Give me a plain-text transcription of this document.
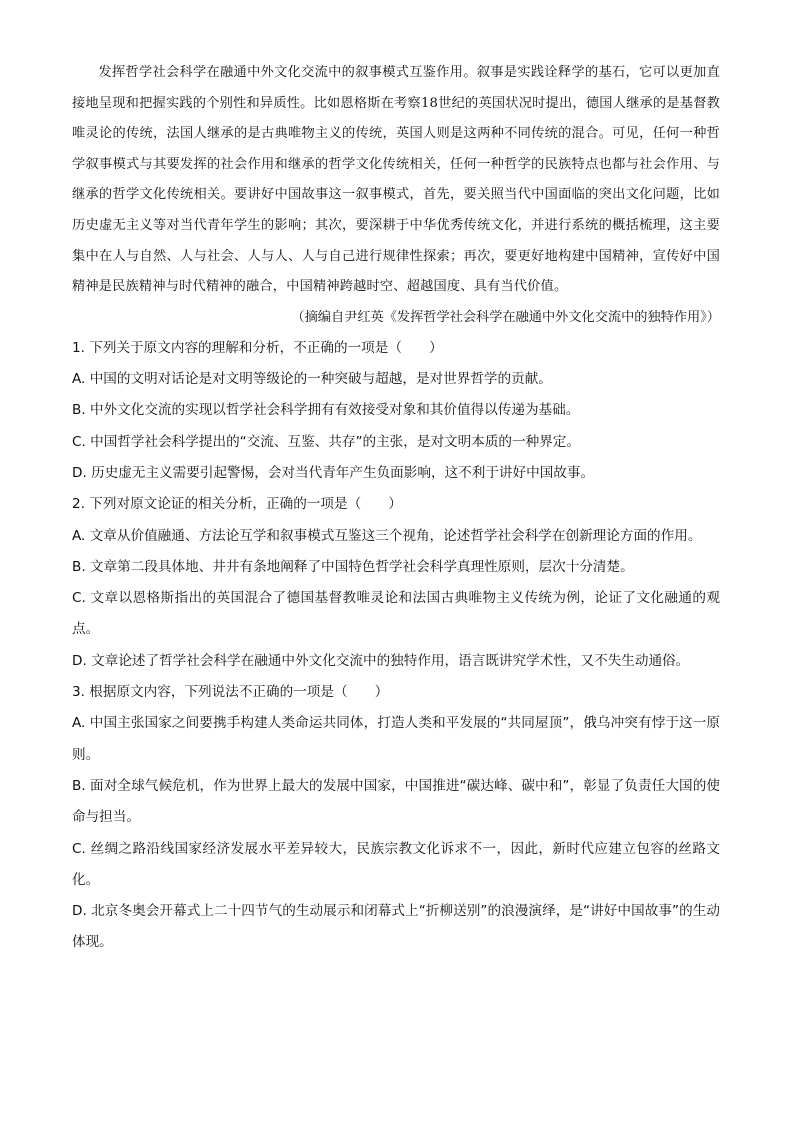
发挥哲学社会科学在融通中外文化交流中的叙事模式互鉴作用。叙事是实践诠释学的基石，它可以更加直接地呈现和把握实践的个别性和异质性。比如恩格斯在考察18世纪的英国状况时提出，德国人继承的是基督教唯灵论的传统，法国人继承的是古典唯物主义的传统，英国人则是这两种不同传统的混合。可见，任何一种哲学叙事模式与其要发挥的社会作用和继承的哲学文化传统相关，任何一种哲学的民族特点也都与社会作用、与继承的哲学文化传统相关。要讲好中国故事这一叙事模式，首先，要关照当代中国面临的突出文化问题，比如历史虚无主义等对当代青年学生的影响；其次，要深耕于中华优秀传统文化，并进行系统的概括梳理，这主要集中在人与自然、人与社会、人与人、人与自己进行规律性探索；再次，要更好地构建中国精神，宣传好中国精神是民族精神与时代精神的融合，中国精神跨越时空、超越国度、具有当代价值。

（摘编自尹红英《发挥哲学社会科学在融通中外文化交流中的独特作用》）

1. 下列关于原文内容的理解和分析，不正确的一项是（　　）

A. 中国的文明对话论是对文明等级论的一种突破与超越，是对世界哲学的贡献。

B. 中外文化交流的实现以哲学社会科学拥有有效接受对象和其价值得以传递为基础。

C. 中国哲学社会科学提出的“交流、互鉴、共存”的主张，是对文明本质的一种界定。

D. 历史虚无主义需要引起警惕，会对当代青年产生负面影响，这不利于讲好中国故事。

2. 下列对原文论证的相关分析，正确的一项是（　　）

A. 文章从价值融通、方法论互学和叙事模式互鉴这三个视角，论述哲学社会科学在创新理论方面的作用。

B. 文章第二段具体地、井井有条地阐释了中国特色哲学社会科学真理性原则，层次十分清楚。

C. 文章以恩格斯指出的英国混合了德国基督教唯灵论和法国古典唯物主义传统为例，论证了文化融通的观点。

D. 文章论述了哲学社会科学在融通中外文化交流中的独特作用，语言既讲究学术性，又不失生动通俗。

3. 根据原文内容，下列说法不正确的一项是（　　）

A. 中国主张国家之间要携手构建人类命运共同体，打造人类和平发展的“共同屋顶”，俄乌冲突有悖于这一原则。

B. 面对全球气候危机，作为世界上最大的发展中国家，中国推进“碳达峰、碳中和”，彰显了负责任大国的使命与担当。

C. 丝绸之路沿线国家经济发展水平差异较大，民族宗教文化诉求不一，因此，新时代应建立包容的丝路文化。

D. 北京冬奥会开幕式上二十四节气的生动展示和闭幕式上“折柳送别”的浪漫演绎，是“讲好中国故事”的生动体现。
